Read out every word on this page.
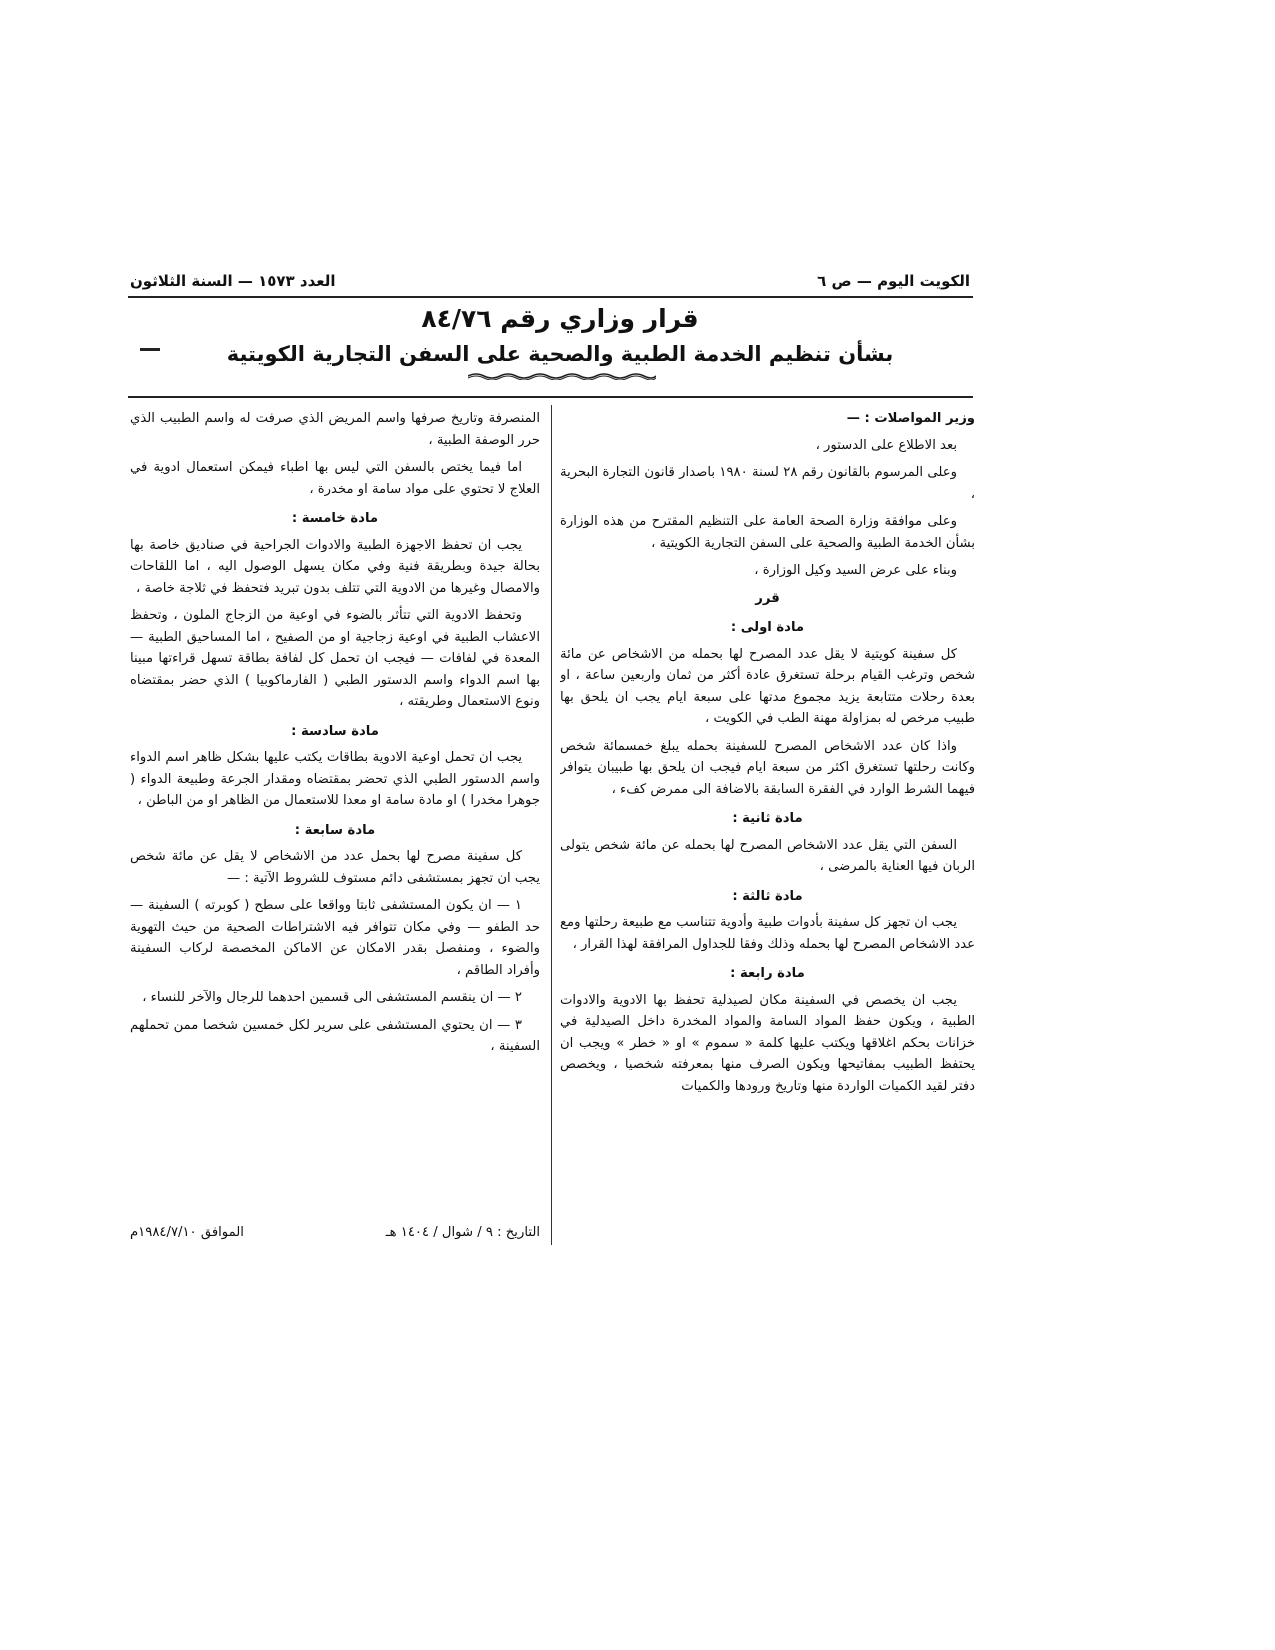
الكويت اليوم — ص ٦
العدد ١٥٧٣ — السنة الثلاثون
قرار وزاري رقم ٨٤/٧٦
بشأن تنظيم الخدمة الطبية والصحية على السفن التجارية الكويتية
وزير المواصلات : —

بعد الاطلاع على الدستور ،

وعلى المرسوم بالقانون رقم ٢٨ لسنة ١٩٨٠ باصدار قانون التجارة البحرية ،

وعلى موافقة وزارة الصحة العامة على التنظيم المقترح من هذه الوزارة بشأن الخدمة الطبية والصحية على السفن التجارية الكويتية ،

وبناء على عرض السيد وكيل الوزارة ،

قرر
مادة اولى :

كل سفينة كويتية لا يقل عدد المصرح لها بحمله من الاشخاص عن مائة شخص وترغب القيام برحلة تستغرق عادة أكثر من ثمان واربعين ساعة ، او بعدة رحلات متتابعة يزيد مجموع مدتها على سبعة ايام يجب ان يلحق بها طبيب مرخص له بمزاولة مهنة الطب في الكويت ،

واذا كان عدد الاشخاص المصرح للسفينة بحمله يبلغ خمسمائة شخص وكانت رحلتها تستغرق اكثر من سبعة ايام فيجب ان يلحق بها طبيبان يتوافر فيهما الشرط الوارد في الفقرة السابقة بالاضافة الى ممرض كفء ،

مادة ثانية :

السفن التي يقل عدد الاشخاص المصرح لها بحمله عن مائة شخص يتولى الربان فيها العناية بالمرضى ،

مادة ثالثة :

يجب ان تجهز كل سفينة بأدوات طبية وأدوية تتناسب مع طبيعة رحلتها ومع عدد الاشخاص المصرح لها بحمله وذلك وفقا للجداول المرافقة لهذا القرار ،

مادة رابعة :

يجب ان يخصص في السفينة مكان لصيدلية تحفظ بها الادوية والادوات الطبية ، ويكون حفظ المواد السامة والمواد المخدرة داخل الصيدلية في خزانات بحكم اغلاقها ويكتب عليها كلمة « سموم » او « خطر » ويجب ان يحتفظ الطبيب بمفاتيحها ويكون الصرف منها بمعرفته شخصيا ، ويخصص دفتر لقيد الكميات الواردة منها وتاريخ ورودها والكميات

المنصرفة وتاريخ صرفها واسم المريض الذي صرفت له واسم الطبيب الذي حرر الوصفة الطبية ،

اما فيما يختص بالسفن التي ليس بها اطباء فيمكن استعمال ادوية في العلاج لا تحتوي على مواد سامة او مخدرة ،

مادة خامسة :

يجب ان تحفظ الاجهزة الطبية والادوات الجراحية في صناديق خاصة بها بحالة جيدة وبطريقة فنية وفي مكان يسهل الوصول اليه ، اما اللقاحات والامصال وغيرها من الادوية التي تتلف بدون تبريد فتحفظ في ثلاجة خاصة ،

وتحفظ الادوية التي تتأثر بالضوء في اوعية من الزجاج الملون ، وتحفظ الاعشاب الطبية في اوعية زجاجية او من الصفيح ، اما المساحيق الطبية — المعدة في لفافات — فيجب ان تحمل كل لفافة بطاقة تسهل قراءتها مبينا بها اسم الدواء واسم الدستور الطبي ( الفارماكوبيا ) الذي حضر بمقتضاه ونوع الاستعمال وطريقته ،

مادة سادسة :

يجب ان تحمل اوعية الادوية بطاقات يكتب عليها بشكل ظاهر اسم الدواء واسم الدستور الطبي الذي تحضر بمقتضاه ومقدار الجرعة وطبيعة الدواء ( جوهرا مخدرا ) او مادة سامة او معدا للاستعمال من الظاهر او من الباطن ،

مادة سابعة :

كل سفينة مصرح لها بحمل عدد من الاشخاص لا يقل عن مائة شخص يجب ان تجهز بمستشفى دائم مستوف للشروط الآتية : —

١ — ان يكون المستشفى ثابتا وواقعا على سطح ( كوبرته ) السفينة — حد الطفو — وفي مكان تتوافر فيه الاشتراطات الصحية من حيث التهوية والضوء ، ومنفصل بقدر الامكان عن الاماكن المخصصة لركاب السفينة وأفراد الطاقم ،

٢ — ان ينقسم المستشفى الى قسمين احدهما للرجال والآخر للنساء ،

٣ — ان يحتوي المستشفى على سرير لكل خمسين شخصا ممن تحملهم السفينة ،

التاريخ : ٩ / شوال / ١٤٠٤ هـ
الموافق ١٩٨٤/٧/١٠م
